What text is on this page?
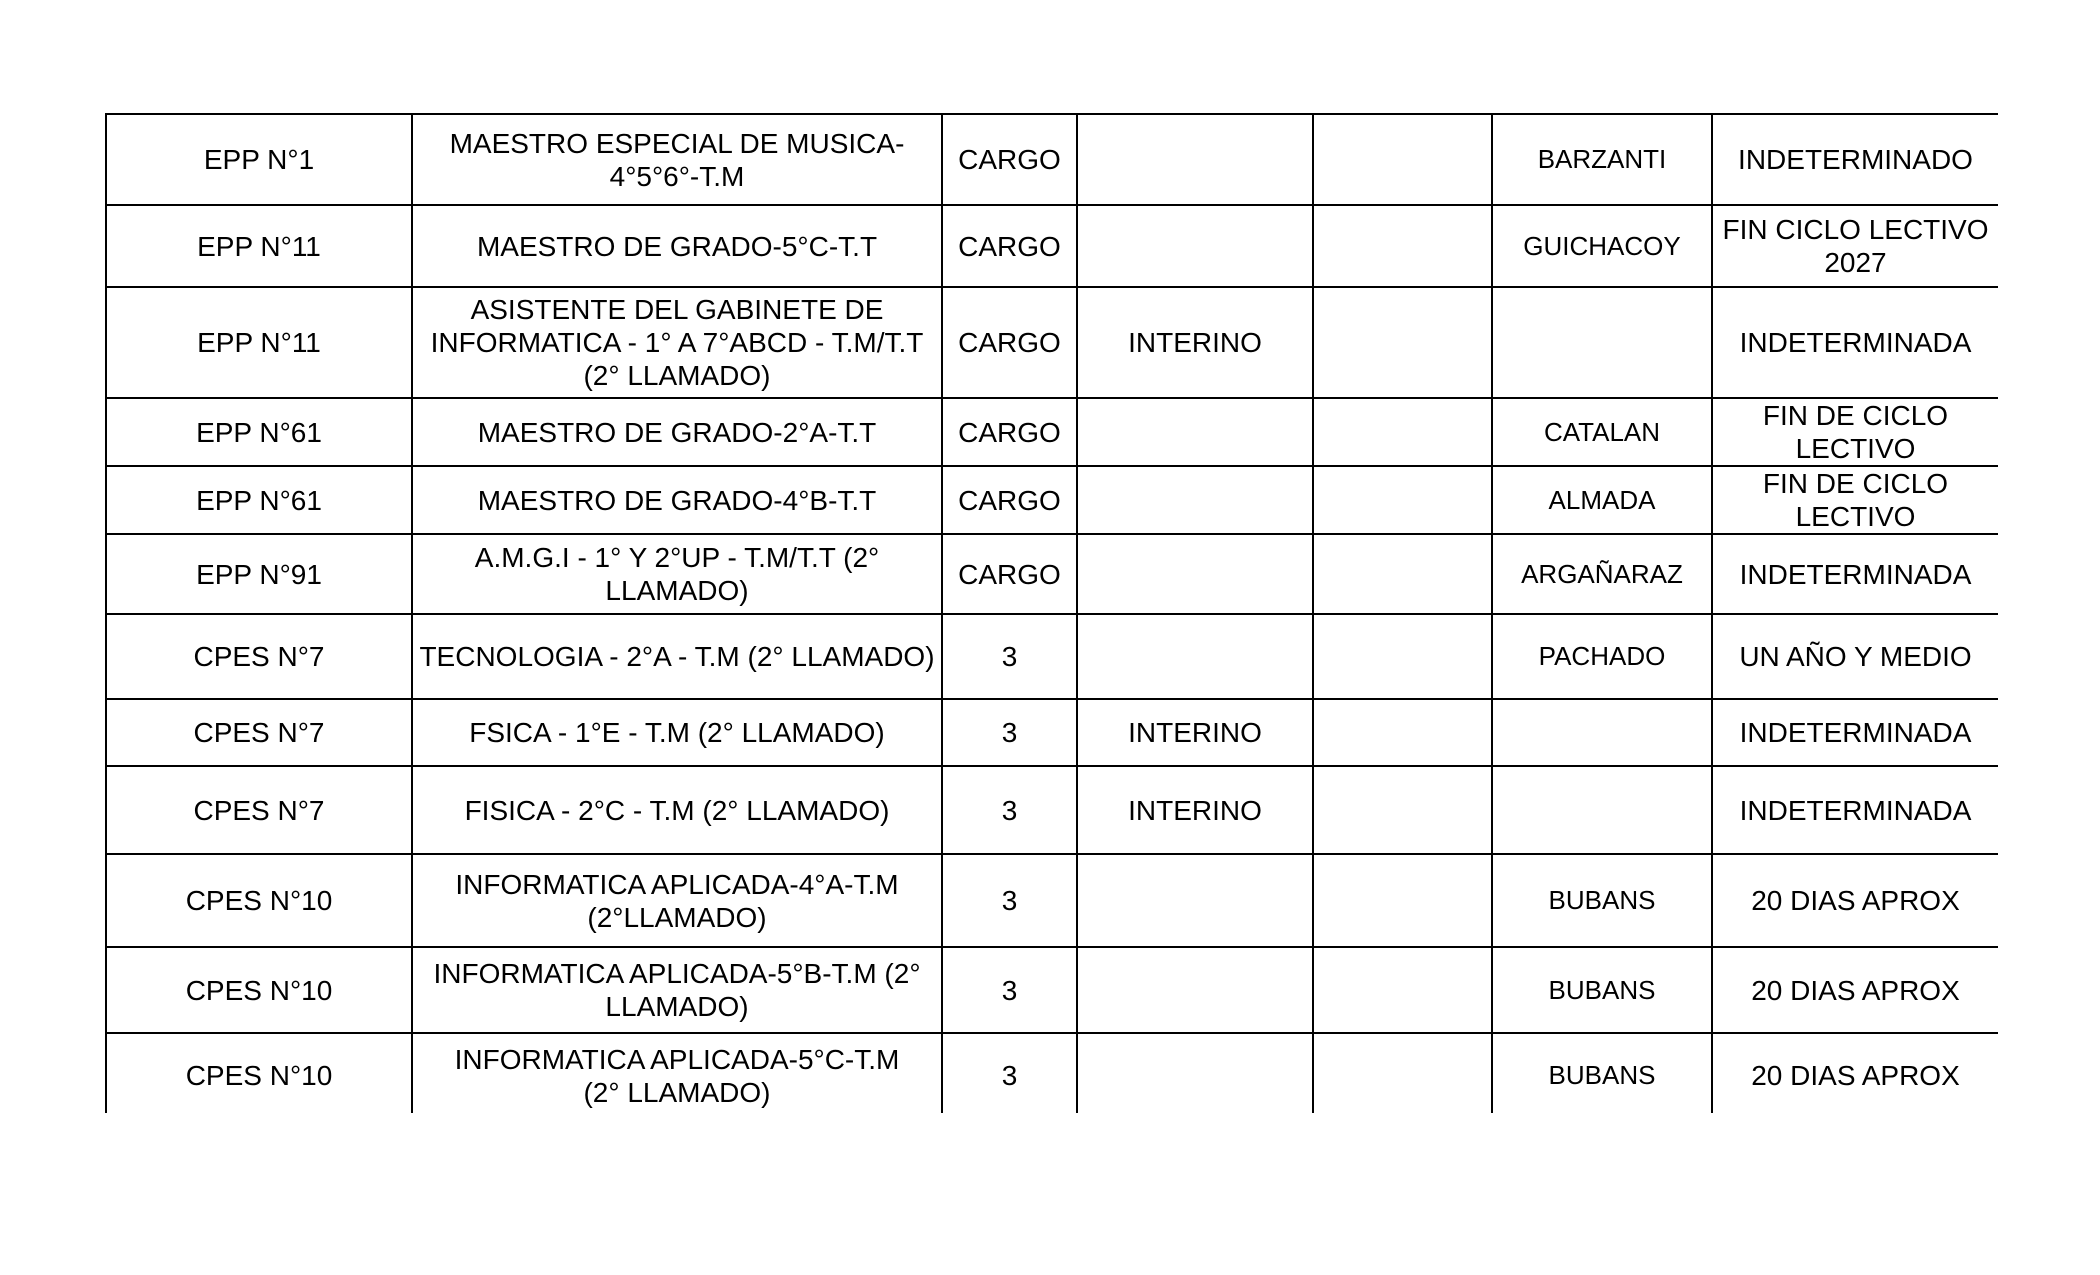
EPP N°1	MAESTRO ESPECIAL DE MUSICA-4°5°6°-T.M	CARGO			BARZANTI	INDETERMINADO
EPP N°11	MAESTRO DE GRADO-5°C-T.T	CARGO			GUICHACOY	FIN CICLO LECTIVO 2027
EPP N°11	ASISTENTE DEL GABINETE DE INFORMATICA - 1° A 7°ABCD - T.M/T.T (2° LLAMADO)	CARGO	INTERINO			INDETERMINADA
EPP N°61	MAESTRO DE GRADO-2°A-T.T	CARGO			CATALAN	FIN DE CICLO LECTIVO
EPP N°61	MAESTRO DE GRADO-4°B-T.T	CARGO			ALMADA	FIN DE CICLO LECTIVO
EPP N°91	A.M.G.I - 1° Y 2°UP - T.M/T.T (2° LLAMADO)	CARGO			ARGAÑARAZ	INDETERMINADA
CPES N°7	TECNOLOGIA - 2°A - T.M (2° LLAMADO)	3			PACHADO	UN AÑO Y MEDIO
CPES N°7	FSICA - 1°E - T.M (2° LLAMADO)	3	INTERINO			INDETERMINADA
CPES N°7	FISICA - 2°C - T.M (2° LLAMADO)	3	INTERINO			INDETERMINADA
CPES N°10	INFORMATICA APLICADA-4°A-T.M (2°LLAMADO)	3			BUBANS	20 DIAS APROX
CPES N°10	INFORMATICA APLICADA-5°B-T.M (2° LLAMADO)	3			BUBANS	20 DIAS APROX
CPES N°10	INFORMATICA APLICADA-5°C-T.M (2° LLAMADO)	3			BUBANS	20 DIAS APROX
